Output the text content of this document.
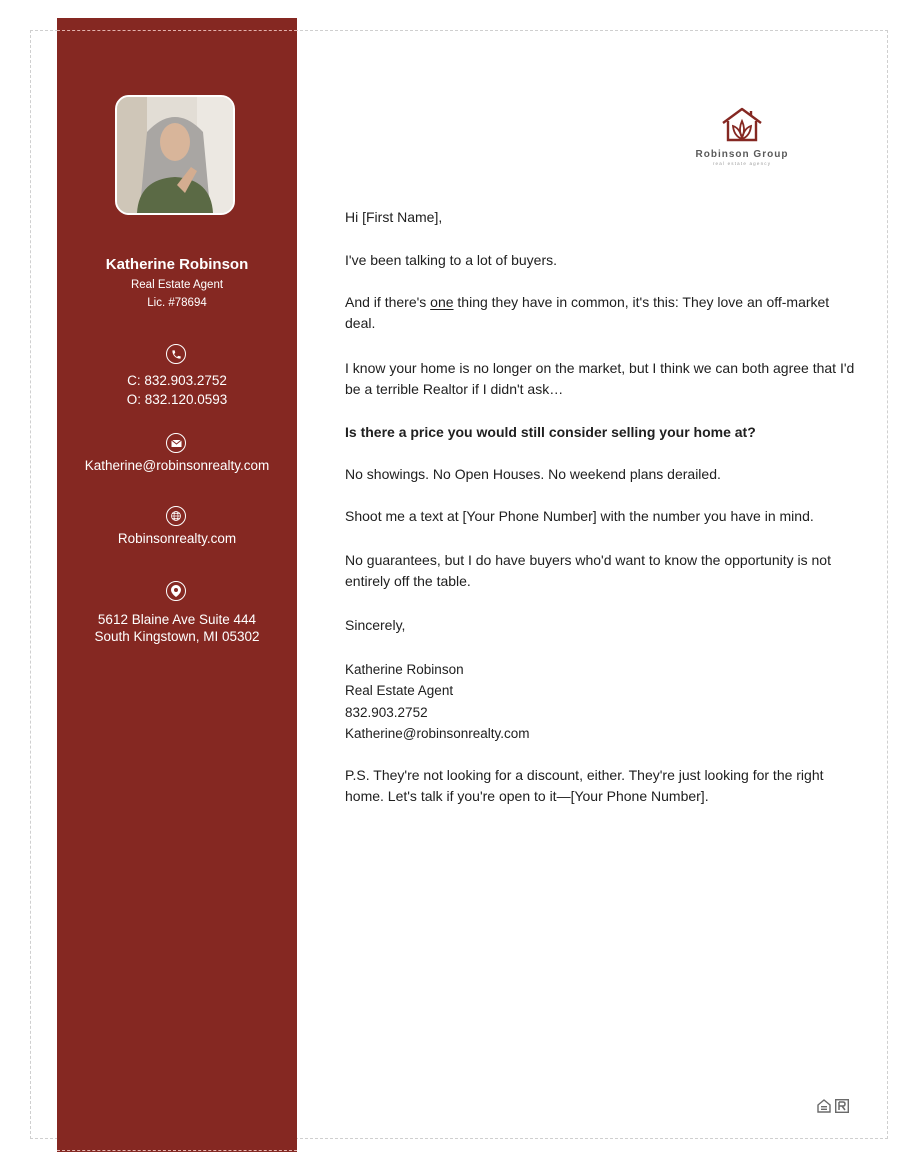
Katherine Robinson
Real Estate Agent
Lic. #78694
C: 832.903.2752
O: 832.120.0593
Katherine@robinsonrealty.com
Robinsonrealty.com
5612 Blaine Ave Suite 444
South Kingstown, MI 05302
Robinson Group
real estate agency
Hi [First Name],
I've been talking to a lot of buyers.
And if there's one thing they have in common, it's this: They love an off-market deal.
I know your home is no longer on the market, but I think we can both agree that I'd be a terrible Realtor if I didn't ask…
Is there a price you would still consider selling your home at?
No showings. No Open Houses. No weekend plans derailed.
Shoot me a text at [Your Phone Number] with the number you have in mind.
No guarantees, but I do have buyers who'd want to know the opportunity is not entirely off the table.
Sincerely,
Katherine Robinson
Real Estate Agent
832.903.2752
Katherine@robinsonrealty.com
P.S. They're not looking for a discount, either. They're just looking for the right home. Let's talk if you're open to it—[Your Phone Number].
